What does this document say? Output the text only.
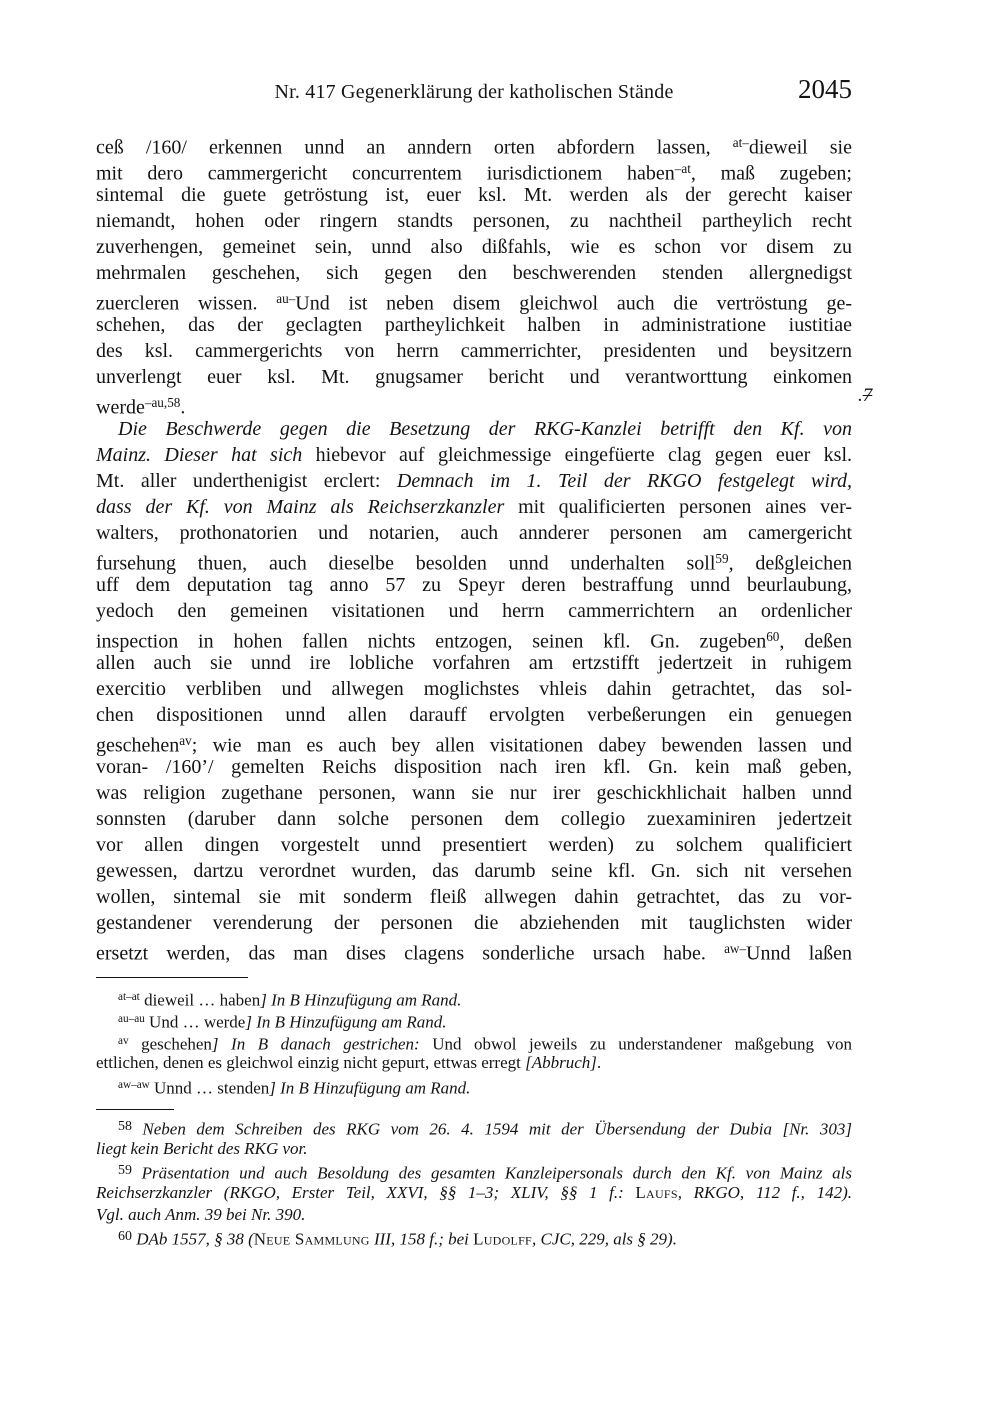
Nr. 417 Gegenerklärung der katholischen Stände	2045
ceß /160/ erkennen unnd an anndern orten abfordern lassen, $^{at-}$dieweil sie
mit dero cammergericht concurrentem iurisdictionem haben$^{-at}$, maß zugeben;
sintemal die guete getröstung ist, euer ksl. Mt. werden als der gerecht kaiser
niemandt, hohen oder ringern standts personen, zu nachtheil partheylich recht
zuverhengen, gemeinet sein, unnd also dißfahls, wie es schon vor disem zu
mehrmalen geschehen, sich gegen den beschwerenden stenden allergnedigst
zuercleren wissen. $^{au-}$Und ist neben disem gleichwol auch die vertröstung ge-
schehen, das der geclagten partheylichkeit halben in administratione iustitiae
des ksl. cammergerichts von herrn cammerrichter, presidenten und beysitzern
unverlengt euer ksl. Mt. gnugsamer bericht und verantworttung einkomen
werde$^{-au,58}$.
Die Beschwerde gegen die Besetzung der RKG-Kanzlei betrifft den Kf. von
Mainz. Dieser hat sich hiebevor auf gleichmessige eingefüerte clag gegen euer ksl.
Mt. aller underthenigist erclert: Demnach im 1. Teil der RKGO festgelegt wird,
dass der Kf. von Mainz als Reichserzkanzler mit qualificierten personen aines ver-
walters, prothonatorien und notarien, auch annderer personen am camergericht
fursehung thuen, auch dieselbe besolden unnd underhalten soll$^{59}$, deßgleichen
uff dem deputation tag anno 57 zu Speyr deren bestraffung unnd beurlaubung,
yedoch den gemeinen visitationen und herrn cammerrichtern an ordenlicher
inspection in hohen fallen nichts entzogen, seinen kfl. Gn. zugeben$^{60}$, deßen
allen auch sie unnd ire lobliche vorfahren am ertzstifft jedertzeit in ruhigem
exercitio verbliben und allwegen moglichstes vhleis dahin getrachtet, das sol-
chen dispositionen unnd allen darauff ervolgten verbeßerungen ein genuegen
geschehen$^{av}$; wie man es auch bey allen visitationen dabey bewenden lassen und
voran- /160’/ gemelten Reichs disposition nach iren kfl. Gn. kein maß geben,
was religion zugethane personen, wann sie nur irer geschickhlichait halben unnd
sonnsten (daruber dann solche personen dem collegio zuexaminiren jedertzeit
vor allen dingen vorgestelt unnd presentiert werden) zu solchem qualificiert
gewessen, dartzu verordnet wurden, das darumb seine kfl. Gn. sich nit versehen
wollen, sintemal sie mit sonderm fleiß allwegen dahin getrachtet, das zu vor-
gestandener verenderung der personen die abziehenden mit tauglichsten wider
ersetzt werden, das man dises clagens sonderliche ursach habe. $^{aw-}$Unnd laßen
.7
$^{at-at}$ dieweil … haben] In B Hinzufügung am Rand.
$^{au-au}$ Und … werde] In B Hinzufügung am Rand.
$^{av}$ geschehen] In B danach gestrichen: Und obwol jeweils zu understandener maßgebung von
ettlichen, denen es gleichwol einzig nicht gepurt, ettwas erregt [Abbruch].
$^{aw-aw}$ Unnd … stenden] In B Hinzufügung am Rand.
$^{58}$ Neben dem Schreiben des RKG vom 26. 4. 1594 mit der Übersendung der Dubia [Nr. 303]
liegt kein Bericht des RKG vor.
$^{59}$ Präsentation und auch Besoldung des gesamten Kanzleipersonals durch den Kf. von Mainz als
Reichserzkanzler (RKGO, Erster Teil, XXVI, §§ 1–3; XLIV, §§ 1 f.: Laufs, RKGO, 112 f., 142).
Vgl. auch Anm. 39 bei Nr. 390.
$^{60}$ DAb 1557, § 38 (Neue Sammlung III, 158 f.; bei Ludolff, CJC, 229, als § 29).
